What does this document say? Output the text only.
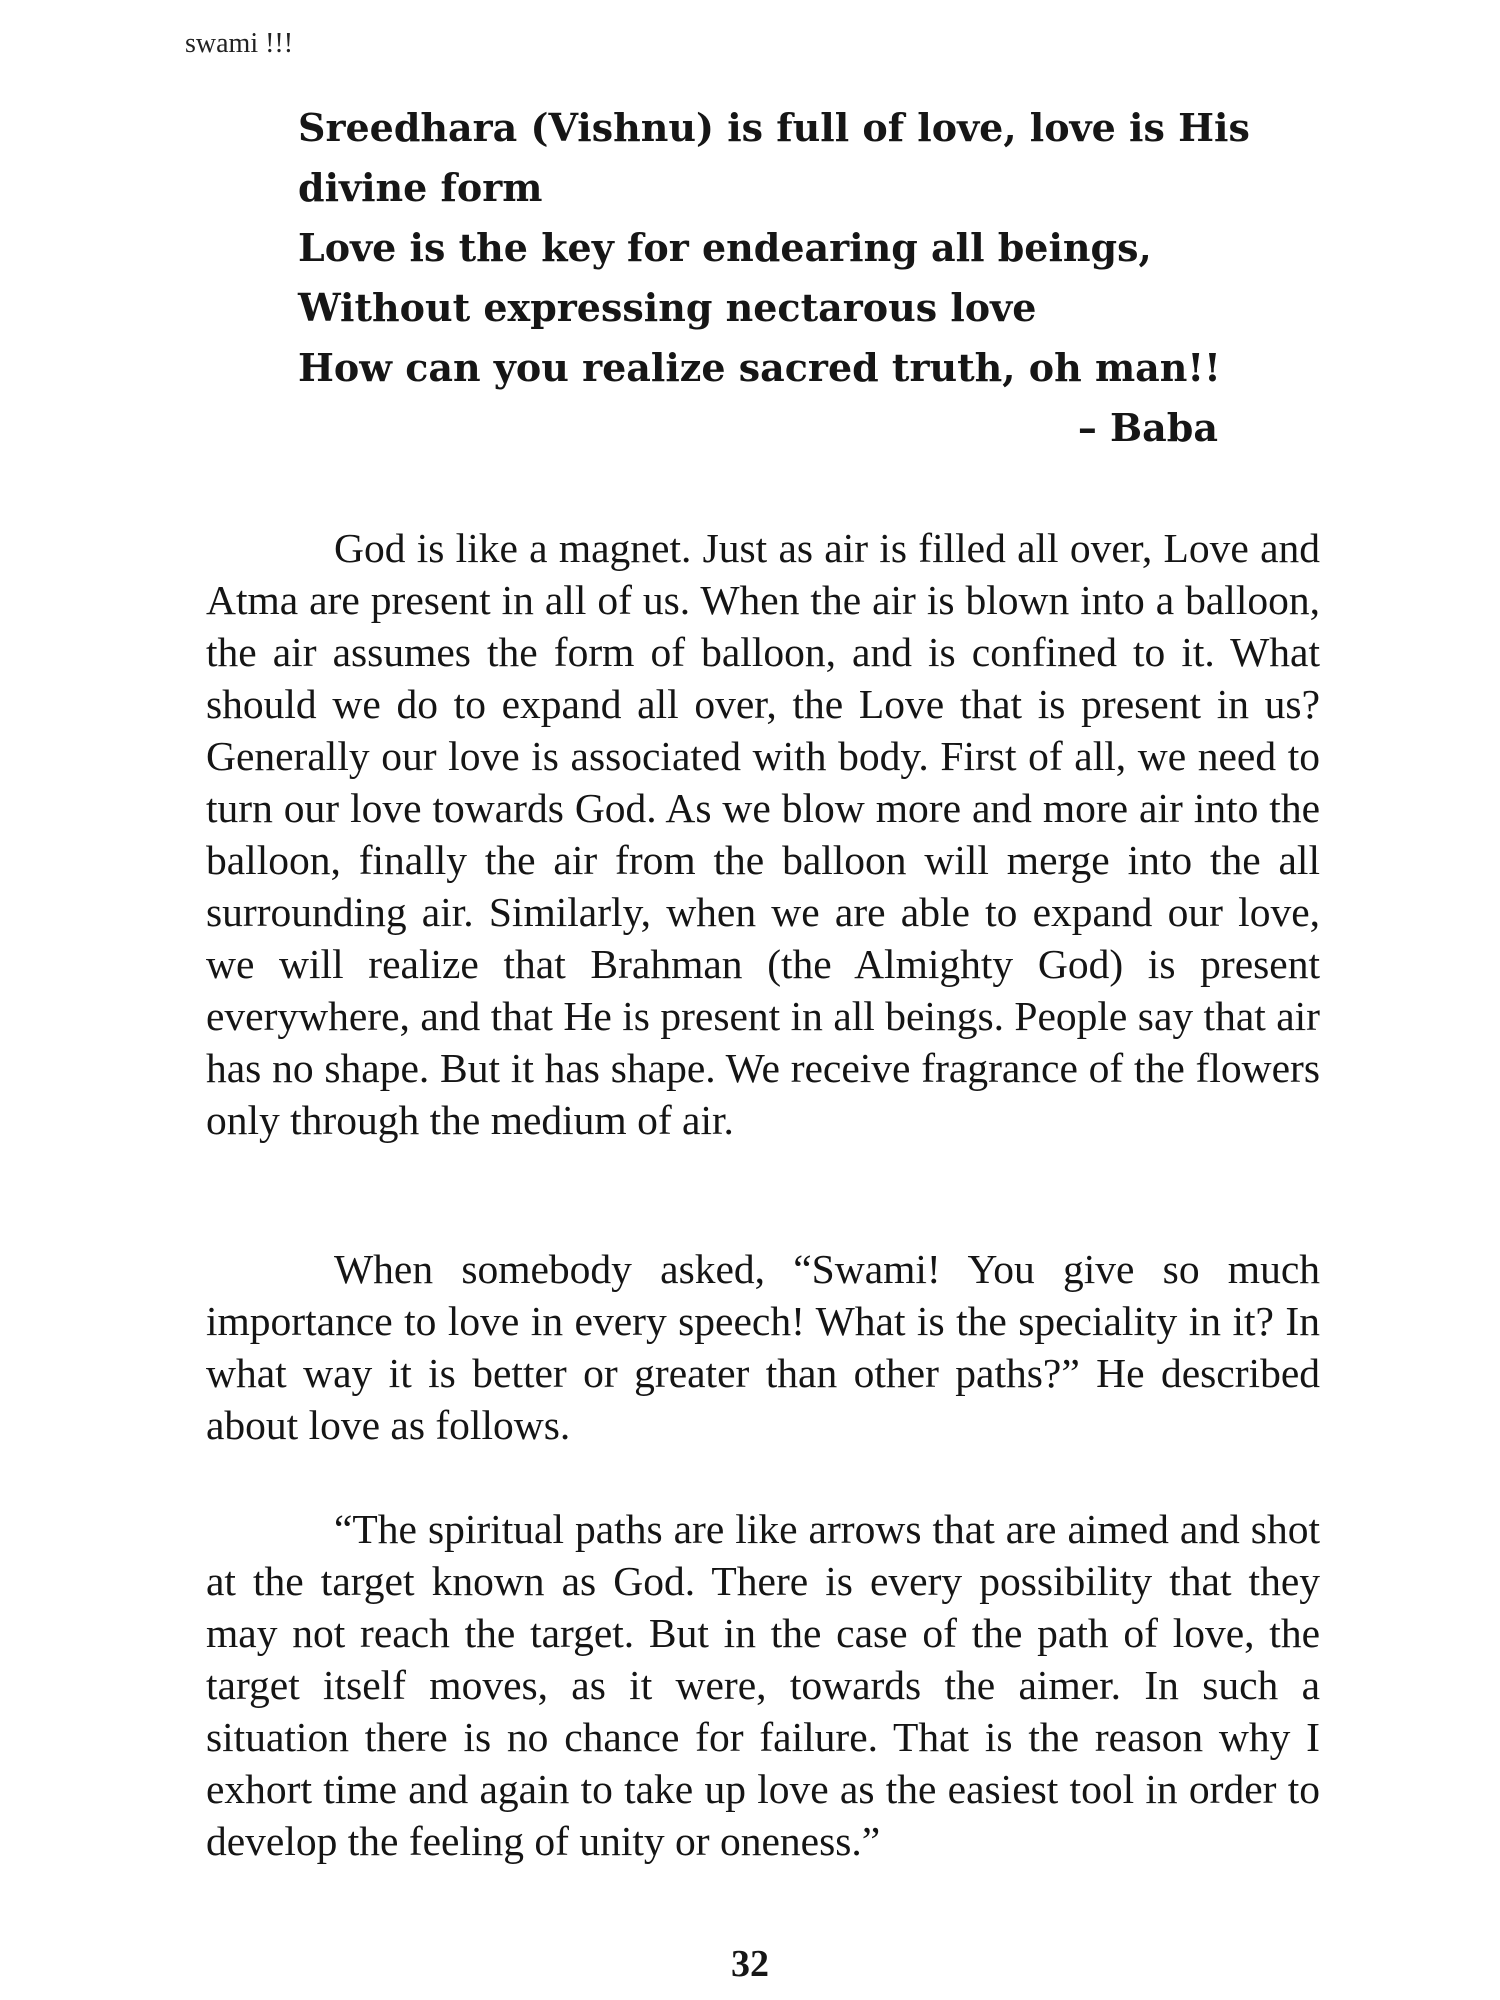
swami !!!
Sreedhara (Vishnu) is full of love, love is His
divine form
Love is the key for endearing all beings,
Without expressing nectarous love
How can you realize sacred truth, oh man!!
– Baba

God is like a magnet. Just as air is filled all over, Love and Atma are present in all of us. When the air is blown into a balloon, the air assumes the form of balloon, and is confined to it. What should we do to expand all over, the Love that is present in us? Generally our love is associated with body. First of all, we need to turn our love towards God. As we blow more and more air into the balloon, finally the air from the balloon will merge into the all surrounding air. Similarly, when we are able to expand our love, we will realize that Brahman (the Almighty God) is present everywhere, and that He is present in all beings. People say that air has no shape. But it has shape. We receive fragrance of the flowers only through the medium of air.

When somebody asked, “Swami! You give so much importance to love in every speech! What is the speciality in it? In what way it is better or greater than other paths?” He described about love as follows.

“The spiritual paths are like arrows that are aimed and shot at the target known as God. There is every possibility that they may not reach the target. But in the case of the path of love, the target itself moves, as it were, towards the aimer. In such a situation there is no chance for failure. That is the reason why I exhort time and again to take up love as the easiest tool in order to develop the feeling of unity or oneness.”

32
